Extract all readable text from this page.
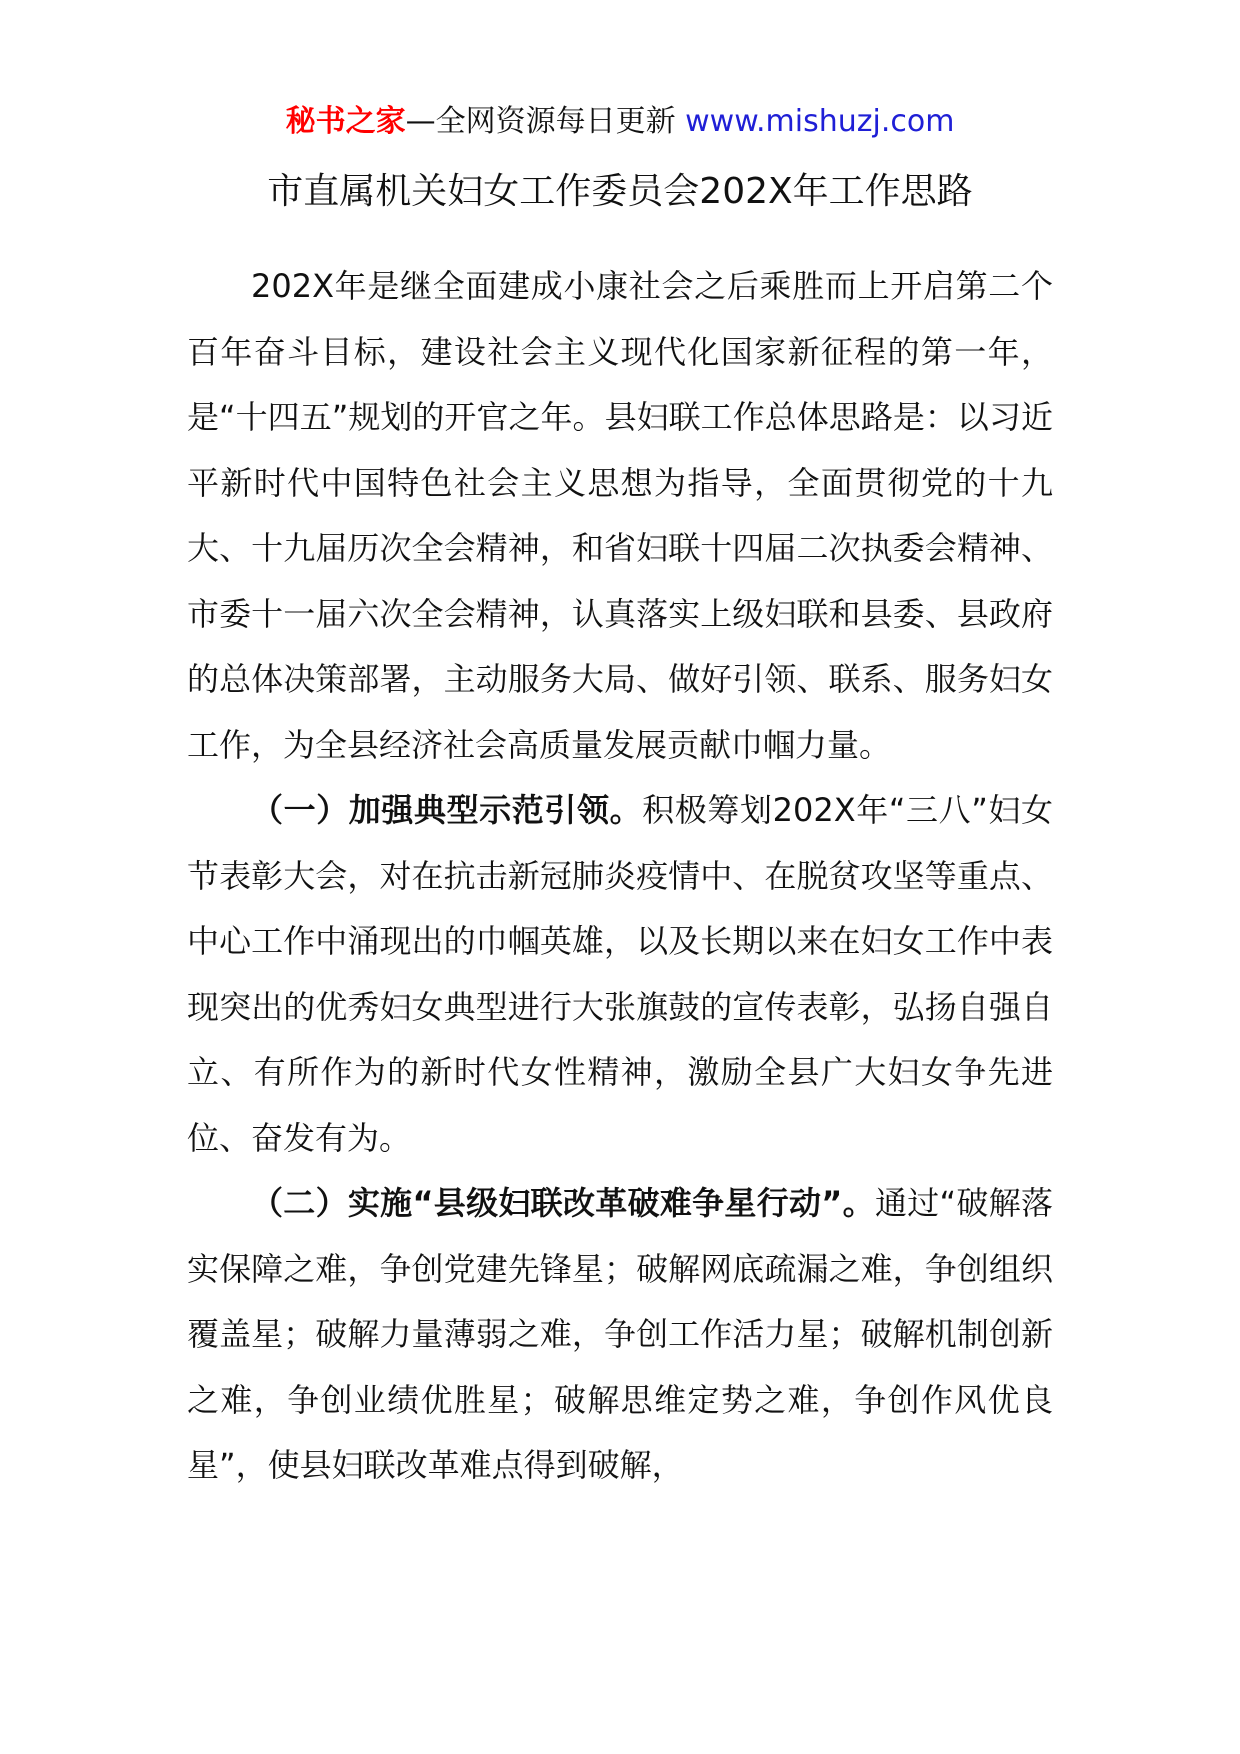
秘书之家—全网资源每日更新 www.mishuzj.com
市直属机关妇女工作委员会202X年工作思路

202X年是继全面建成小康社会之后乘胜而上开启第二个百年奋斗目标，建设社会主义现代化国家新征程的第一年，是“十四五”规划的开官之年。县妇联工作总体思路是：以习近平新时代中国特色社会主义思想为指导，全面贯彻党的十九大、十九届历次全会精神，和省妇联十四届二次执委会精神、市委十一届六次全会精神，认真落实上级妇联和县委、县政府的总体决策部署，主动服务大局、做好引领、联系、服务妇女工作，为全县经济社会高质量发展贡献巾帼力量。

（一）加强典型示范引领。积极筹划202X年“三八”妇女节表彰大会，对在抗击新冠肺炎疫情中、在脱贫攻坚等重点、中心工作中涌现出的巾帼英雄，以及长期以来在妇女工作中表现突出的优秀妇女典型进行大张旗鼓的宣传表彰，弘扬自强自立、有所作为的新时代女性精神，激励全县广大妇女争先进位、奋发有为。

（二）实施“县级妇联改革破难争星行动”。通过“破解落实保障之难，争创党建先锋星；破解网底疏漏之难，争创组织覆盖星；破解力量薄弱之难，争创工作活力星；破解机制创新之难，争创业绩优胜星；破解思维定势之难，争创作风优良星”，使县妇联改革难点得到破解，
